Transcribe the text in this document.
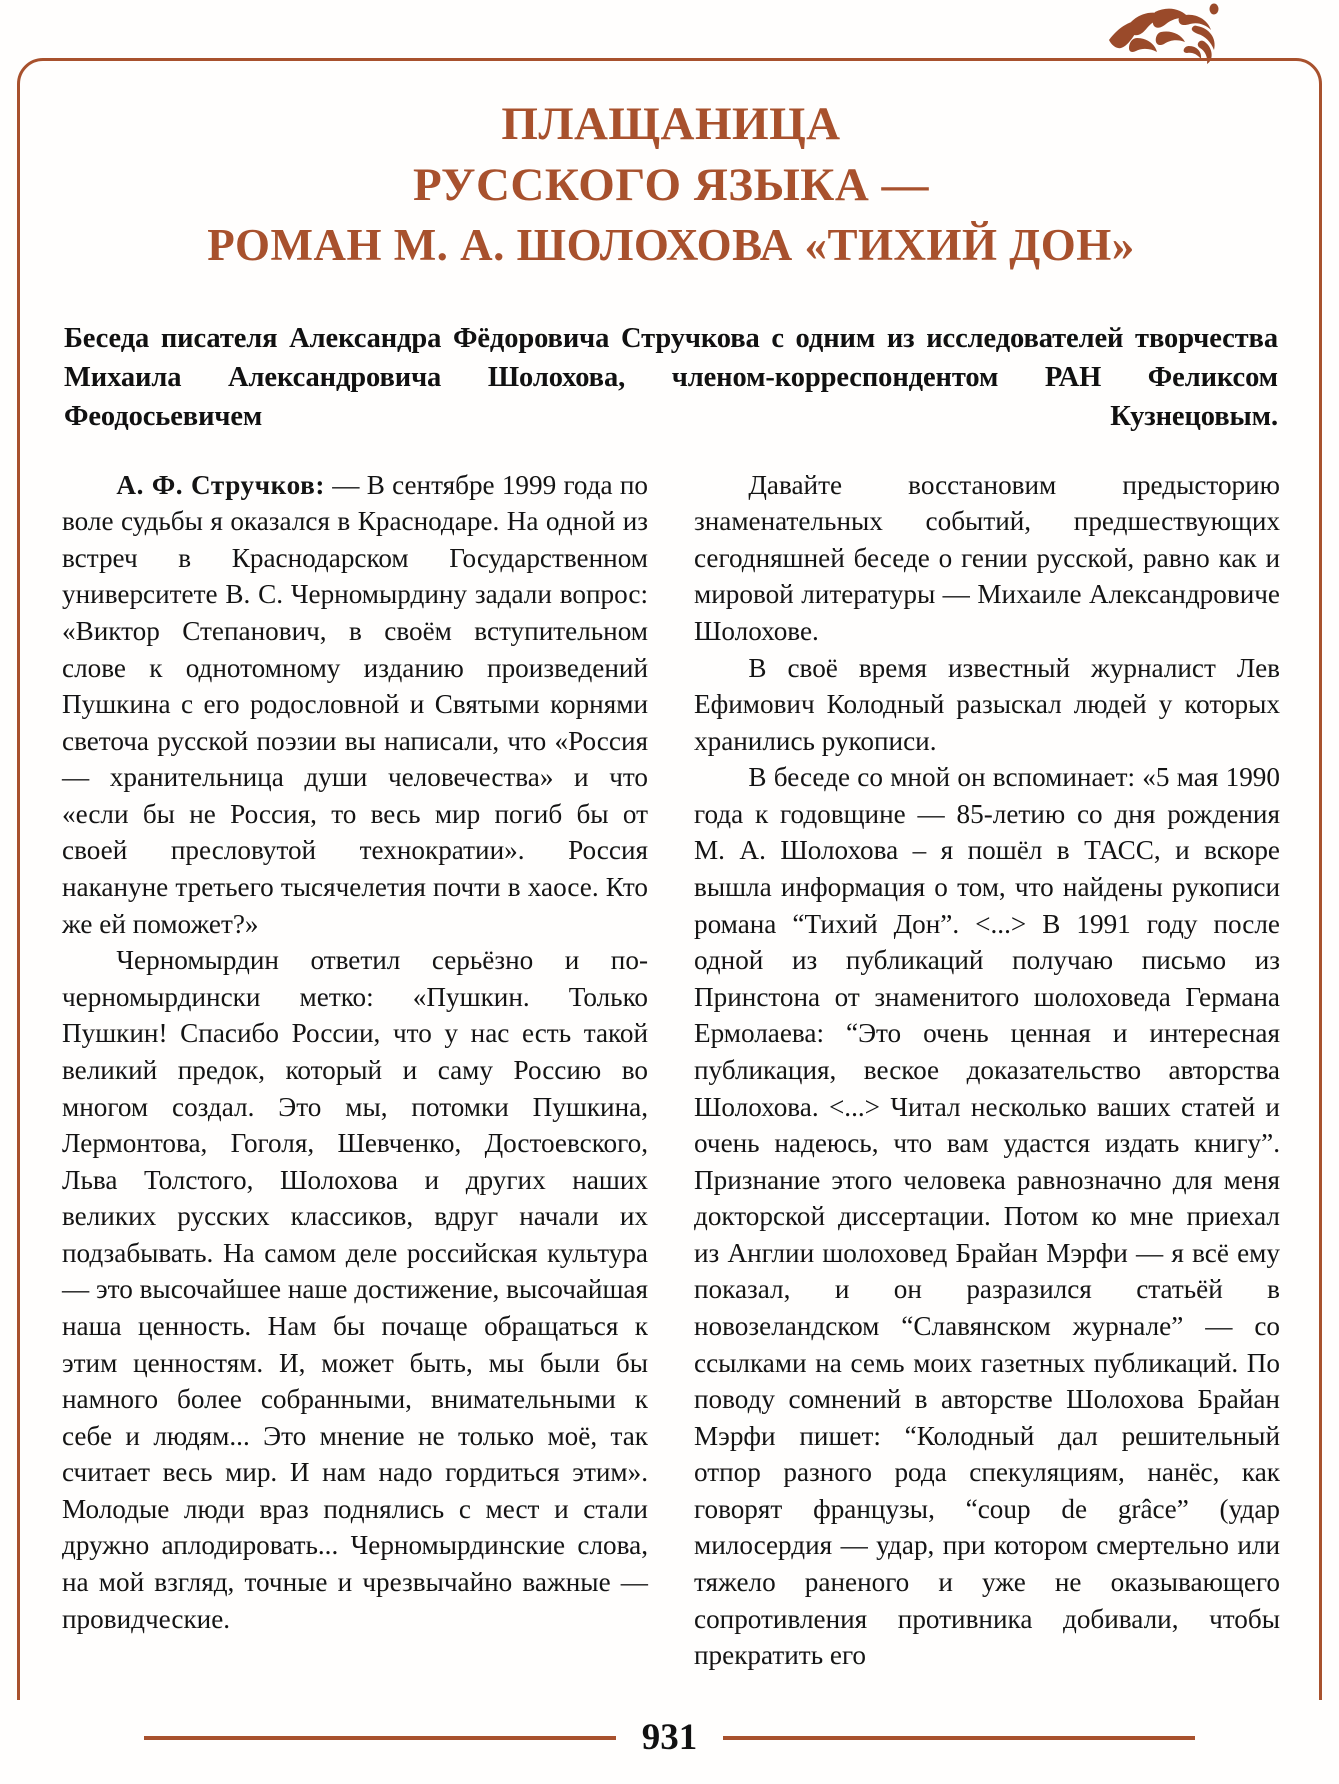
ПЛАЩАНИЦА
РУССКОГО ЯЗЫКА —
РОМАН М. А. ШОЛОХОВА «ТИХИЙ ДОН»

Беседа писателя Александра Фёдоровича Стручкова с одним из исследователей творчества Михаила Александровича Шолохова, членом-корреспондентом РАН Феликсом Феодосьевичем Кузнецовым.

А. Ф. Стручков: — В сентябре 1999 года по воле судьбы я оказался в Краснодаре. На одной из встреч в Краснодарском Государственном университете В. С. Черномырдину задали вопрос: «Виктор Степанович, в своём вступительном слове к однотомному изданию произведений Пушкина с его родословной и Святыми корнями светоча русской поэзии вы написали, что «Россия — хранительница души человечества» и что «если бы не Россия, то весь мир погиб бы от своей пресловутой технократии». Россия накануне третьего тысячелетия почти в хаосе. Кто же ей поможет?»

Черномырдин ответил серьёзно и по-черномырдински метко: «Пушкин. Только Пушкин! Спасибо России, что у нас есть такой великий предок, который и саму Россию во многом создал. Это мы, потомки Пушкина, Лермонтова, Гоголя, Шевченко, Достоевского, Льва Толстого, Шолохова и других наших великих русских классиков, вдруг начали их подзабывать. На самом деле российская культура — это высочайшее наше достижение, высочайшая наша ценность. Нам бы почаще обращаться к этим ценностям. И, может быть, мы были бы намного более собранными, внимательными к себе и людям... Это мнение не только моё, так считает весь мир. И нам надо гордиться этим». Молодые люди враз поднялись с мест и стали дружно аплодировать... Черномырдинские слова, на мой взгляд, точные и чрезвычайно важные — провидческие.

Давайте восстановим предысторию знаменательных событий, предшествующих сегодняшней беседе о гении русской, равно как и мировой литературы — Михаиле Александровиче Шолохове.

В своё время известный журналист Лев Ефимович Колодный разыскал людей у которых хранились рукописи.

В беседе со мной он вспоминает: «5 мая 1990 года к годовщине — 85-летию со дня рождения М. А. Шолохова – я пошёл в ТАСС, и вскоре вышла информация о том, что найдены рукописи романа “Тихий Дон”. <...> В 1991 году после одной из публикаций получаю письмо из Принстона от знаменитого шолоховеда Германа Ермолаева: “Это очень ценная и интересная публикация, веское доказательство авторства Шолохова. <...> Читал несколько ваших статей и очень надеюсь, что вам удастся издать книгу”. Признание этого человека равнозначно для меня докторской диссертации. Потом ко мне приехал из Англии шолоховед Брайан Мэрфи — я всё ему показал, и он разразился статьёй в новозеландском “Славянском журнале” — со ссылками на семь моих газетных публикаций. По поводу сомнений в авторстве Шолохова Брайан Мэрфи пишет: “Колодный дал решительный отпор разного рода спекуляциям, нанёс, как говорят французы, “coup de grâce” (удар милосердия — удар, при котором смертельно или тяжело раненого и уже не оказывающего сопротивления противника добивали, чтобы прекратить его

931
